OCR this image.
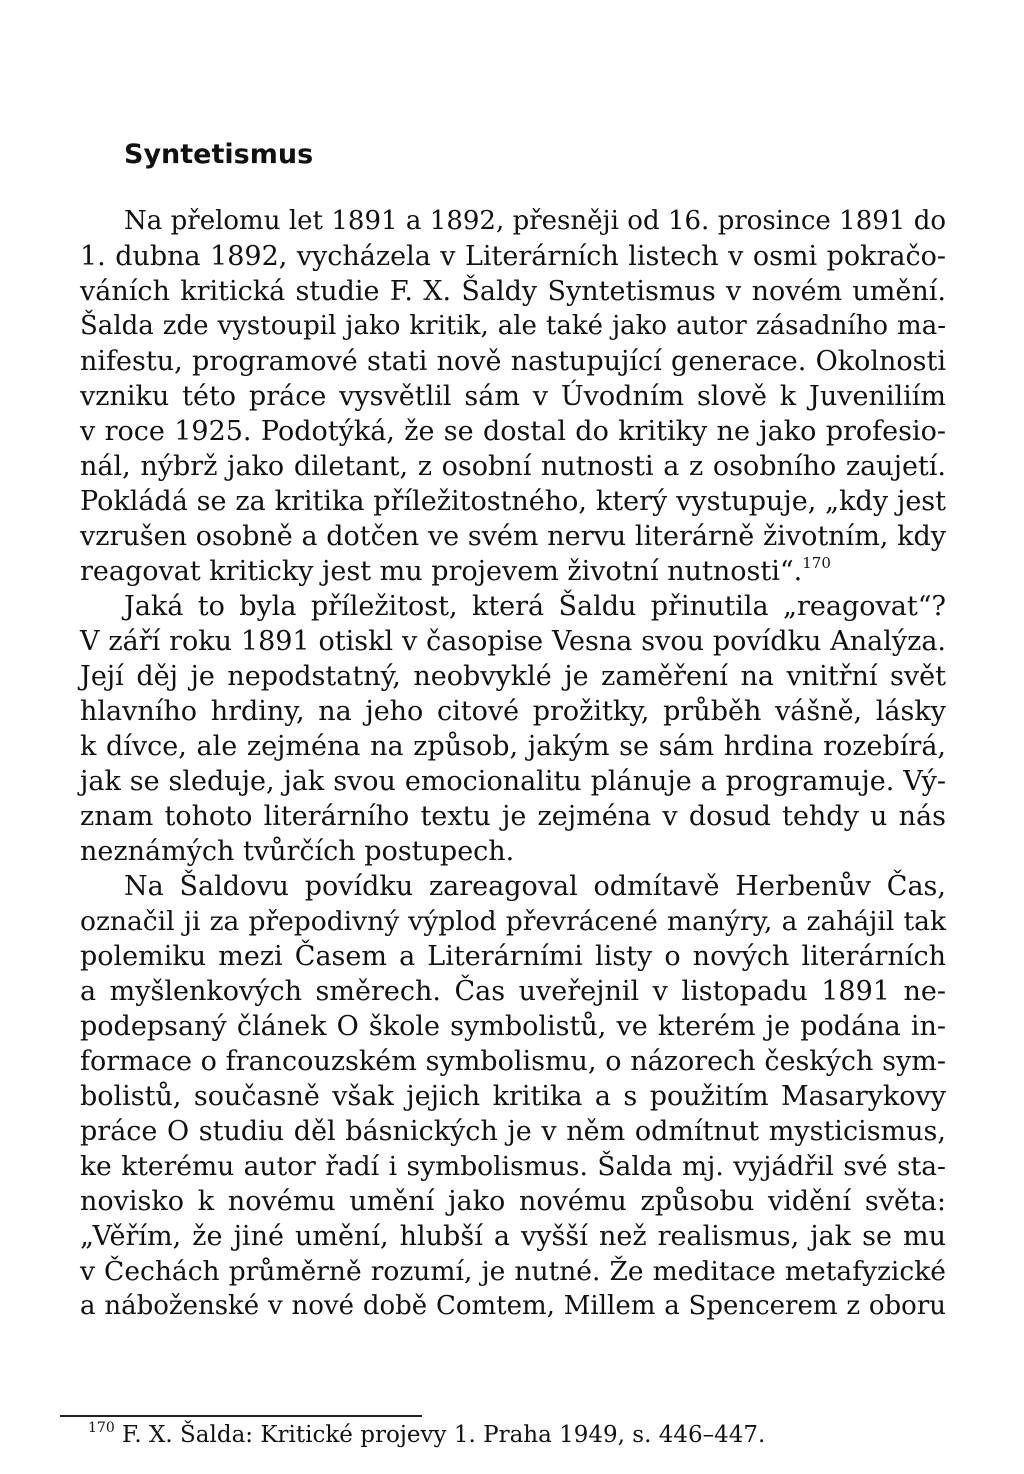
Syntetismus
Na přelomu let 1891 a 1892, přesněji od 16. prosince 1891 do
1. dubna 1892, vycházela v Literárních listech v osmi pokračo-
váních kritická studie F. X. Šaldy Syntetismus v novém umění.
Šalda zde vystoupil jako kritik, ale také jako autor zásadního ma-
nifestu, programové stati nově nastupující generace. Okolnosti
vzniku této práce vysvětlil sám v Úvodním slově k Juveniliím
v roce 1925. Podotýká, že se dostal do kritiky ne jako profesio-
nál, nýbrž jako diletant, z osobní nutnosti a z osobního zaujetí.
Pokládá se za kritika příležitostného, který vystupuje, „kdy jest
vzrušen osobně a dotčen ve svém nervu literárně životním, kdy
reagovat kriticky jest mu projevem životní nutnosti“.$^{170}$
Jaká to byla příležitost, která Šaldu přinutila „reagovat“?
V září roku 1891 otiskl v časopise Vesna svou povídku Analýza.
Její děj je nepodstatný, neobvyklé je zaměření na vnitřní svět
hlavního hrdiny, na jeho citové prožitky, průběh vášně, lásky
k dívce, ale zejména na způsob, jakým se sám hrdina rozebírá,
jak se sleduje, jak svou emocionalitu plánuje a programuje. Vý-
znam tohoto literárního textu je zejména v dosud tehdy u nás
neznámých tvůrčích postupech.
Na Šaldovu povídku zareagoval odmítavě Herbenův Čas,
označil ji za přepodivný výplod převrácené manýry, a zahájil tak
polemiku mezi Časem a Literárními listy o nových literárních
a myšlenkových směrech. Čas uveřejnil v listopadu 1891 ne-
podepsaný článek O škole symbolistů, ve kterém je podána in-
formace o francouzském symbolismu, o názorech českých sym-
bolistů, současně však jejich kritika a s použitím Masarykovy
práce O studiu děl básnických je v něm odmítnut mysticismus,
ke kterému autor řadí i symbolismus. Šalda mj. vyjádřil své sta-
novisko k novému umění jako novému způsobu vidění světa:
„Věřím, že jiné umění, hlubší a vyšší než realismus, jak se mu
v Čechách průměrně rozumí, je nutné. Že meditace metafyzické
a náboženské v nové době Comtem, Millem a Spencerem z oboru
$^{170}$ F. X. Šalda: Kritické projevy 1. Praha 1949, s. 446–447.
